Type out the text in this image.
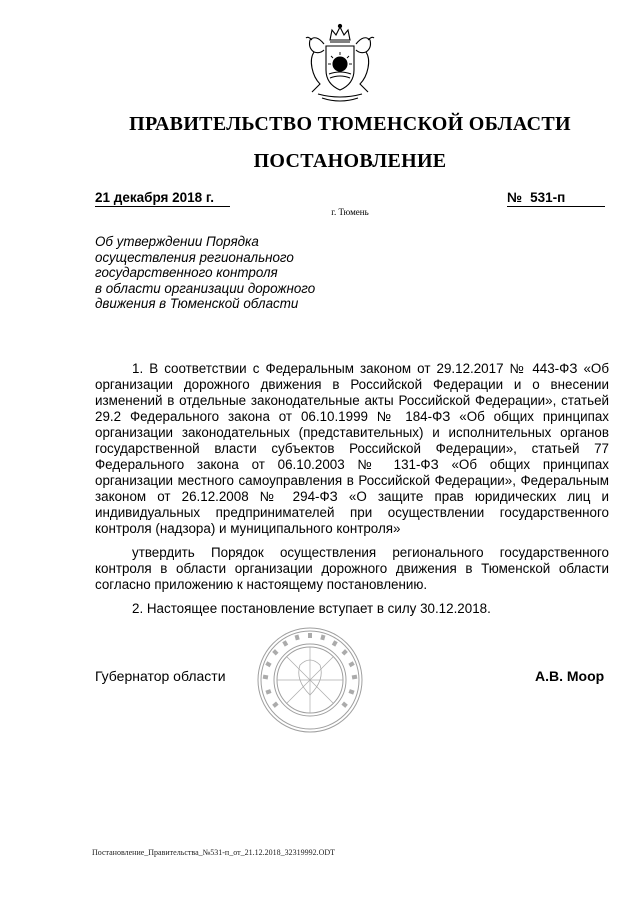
ПРАВИТЕЛЬСТВО ТЮМЕНСКОЙ ОБЛАСТИ
ПОСТАНОВЛЕНИЕ
21 декабря 2018 г.	№ 531-п
г. Тюмень
Об утверждении Порядка
осуществления регионального
государственного контроля
в области организации дорожного
движения в Тюменской области

1. В соответствии с Федеральным законом от 29.12.2017 № 443-ФЗ «Об организации дорожного движения в Российской Федерации и о внесении изменений в отдельные законодательные акты Российской Федерации», статьей 29.2 Федерального закона от 06.10.1999 № 184-ФЗ «Об общих принципах организации законодательных (представительных) и исполнительных органов государственной власти субъектов Российской Федерации», статьей 77 Федерального закона от 06.10.2003 № 131-ФЗ «Об общих принципах организации местного самоуправления в Российской Федерации», Федеральным законом от 26.12.2008 № 294-ФЗ «О защите прав юридических лиц и индивидуальных предпринимателей при осуществлении государственного контроля (надзора) и муниципального контроля»

утвердить Порядок осуществления регионального государственного контроля в области организации дорожного движения в Тюменской области согласно приложению к настоящему постановлению.

2. Настоящее постановление вступает в силу 30.12.2018.

Губернатор области	А.В. Моор
Постановление_Правительства_№531-п_от_21.12.2018_32319992.ODT
